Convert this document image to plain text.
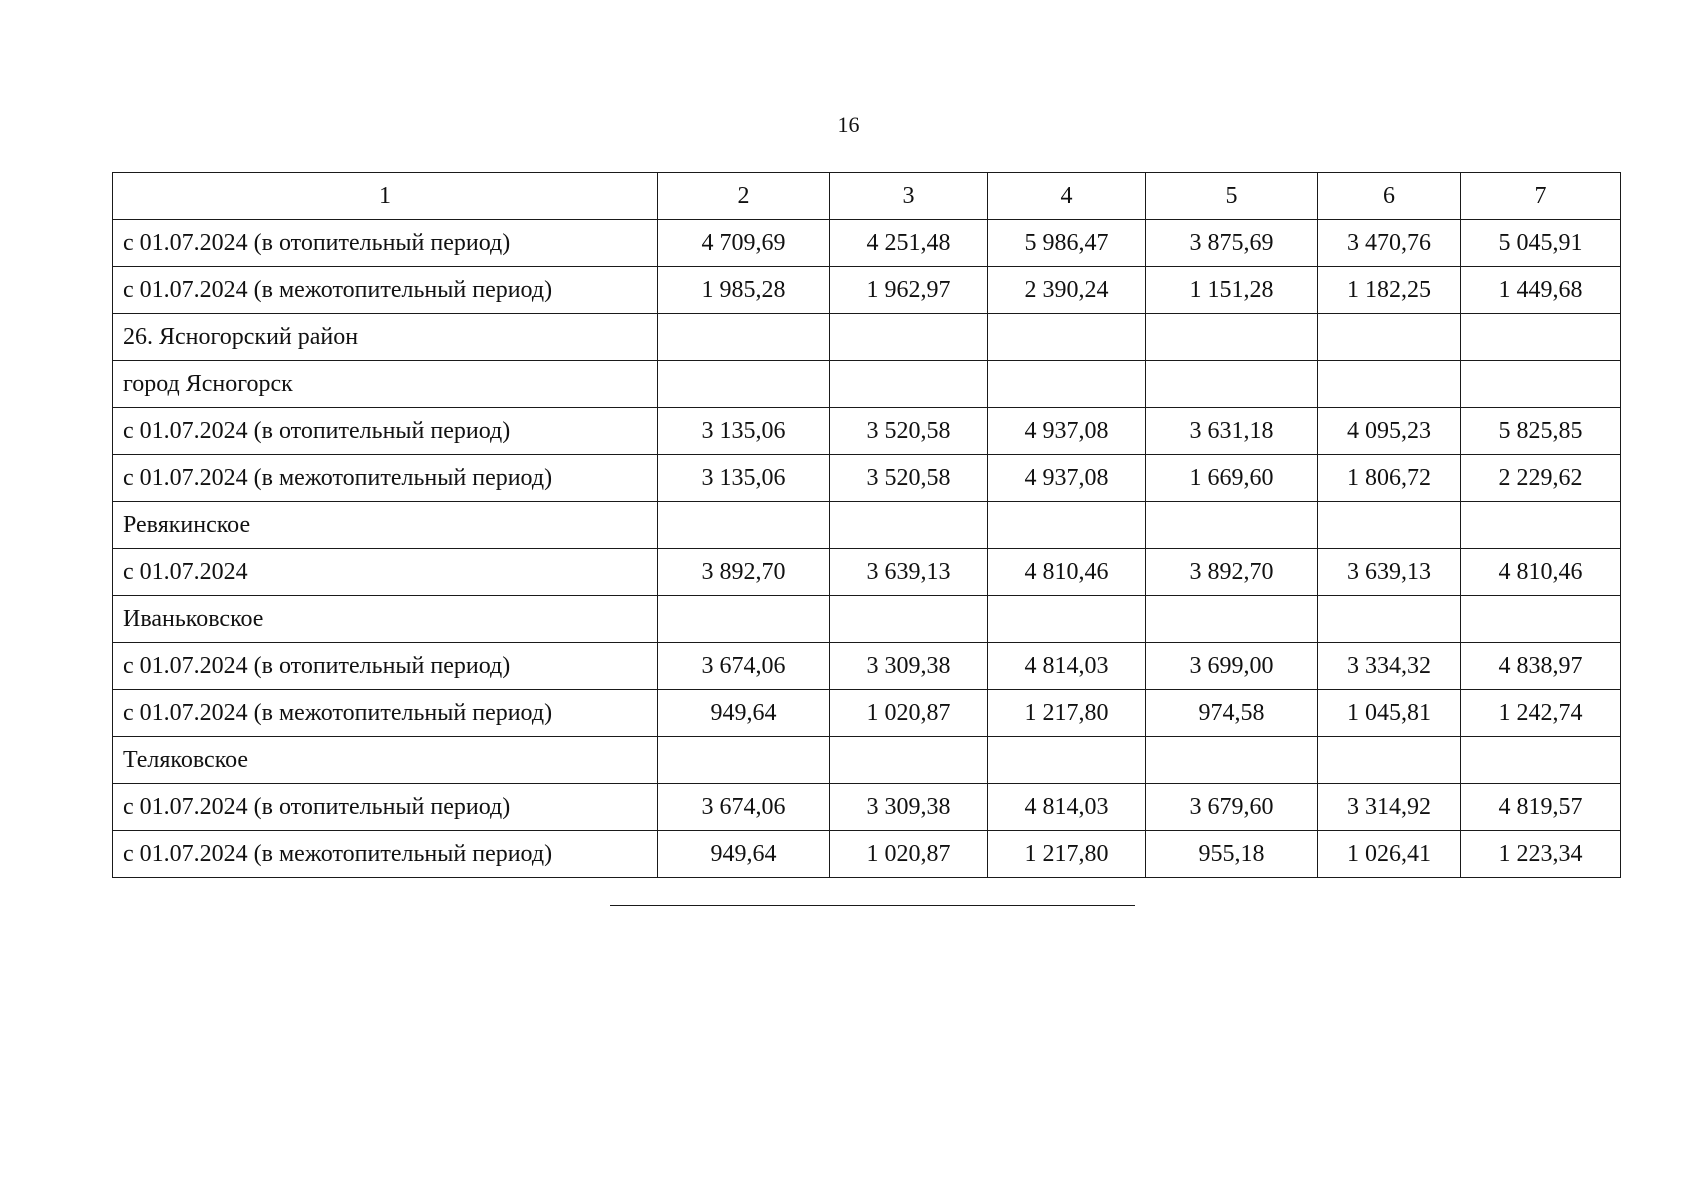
16
1	2	3	4	5	6	7
с 01.07.2024 (в отопительный период)	4 709,69	4 251,48	5 986,47	3 875,69	3 470,76	5 045,91
с 01.07.2024 (в межотопительный период)	1 985,28	1 962,97	2 390,24	1 151,28	1 182,25	1 449,68
26. Ясногорский район						
город Ясногорск						
с 01.07.2024 (в отопительный период)	3 135,06	3 520,58	4 937,08	3 631,18	4 095,23	5 825,85
с 01.07.2024 (в межотопительный период)	3 135,06	3 520,58	4 937,08	1 669,60	1 806,72	2 229,62
Ревякинское						
с 01.07.2024	3 892,70	3 639,13	4 810,46	3 892,70	3 639,13	4 810,46
Иваньковское						
с 01.07.2024 (в отопительный период)	3 674,06	3 309,38	4 814,03	3 699,00	3 334,32	4 838,97
с 01.07.2024 (в межотопительный период)	949,64	1 020,87	1 217,80	974,58	1 045,81	1 242,74
Теляковское						
с 01.07.2024 (в отопительный период)	3 674,06	3 309,38	4 814,03	3 679,60	3 314,92	4 819,57
с 01.07.2024 (в межотопительный период)	949,64	1 020,87	1 217,80	955,18	1 026,41	1 223,34
